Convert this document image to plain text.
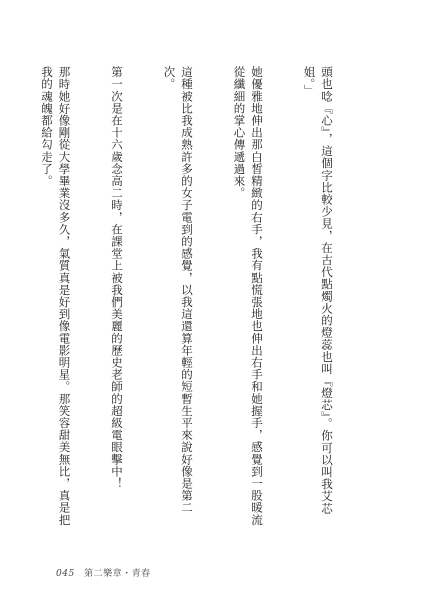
頭也唸『心』，這個字比較少見，在古代點燭火的燈蕊也叫『燈芯』。你可以叫我艾芯姐。」

她優雅地伸出那白皙精緻的右手，我有點慌張地也伸出右手和她握手，感覺到一股暖流從纖細的掌心傳遞過來。

這種被比我成熟許多的女子電到的感覺，以我這還算年輕的短暫生平來說好像是第二次。

第一次是在十六歲念高二時，在課堂上被我們美麗的歷史老師的超級電眼擊中！

那時她好像剛從大學畢業沒多久，氣質真是好到像電影明星。那笑容甜美無比，真是把我的魂魄都給勾走了。

045 第二樂章・青春
